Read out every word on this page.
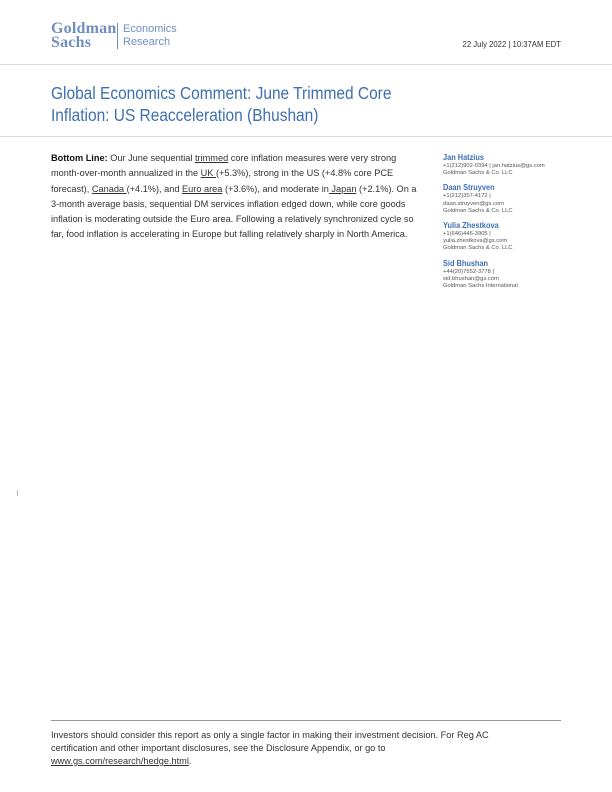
Goldman
Sachs
Economics
Research	22 July 2022 | 10:37AM EDT
Global Economics Comment: June Trimmed Core Inflation: US Reacceleration (Bhushan)
Bottom Line: Our June sequential trimmed core inflation measures were very strong month-over-month annualized in the UK (+5.3%), strong in the US (+4.8% core PCE forecast), Canada (+4.1%), and Euro area (+3.6%), and moderate in Japan (+2.1%). On a 3-month average basis, sequential DM services inflation edged down, while core goods inflation is moderating outside the Euro area. Following a relatively synchronized cycle so far, food inflation is accelerating in Europe but falling relatively sharply in North America.
Jan Hatzius
+1(212)902-0394 | jan.hatzius@gs.com
Goldman Sachs & Co. LLC
Daan Struyven
+1(212)357-4172 |
daan.struyven@gs.com
Goldman Sachs & Co. LLC
Yulia Zhestkova
+1(646)446-3905 |
yulia.zhestkova@gs.com
Goldman Sachs & Co. LLC
Sid Bhushan
+44(20)7552-3778 |
sid.bhushan@gs.com
Goldman Sachs International
Investors should consider this report as only a single factor in making their investment decision. For Reg AC certification and other important disclosures, see the Disclosure Appendix, or go to www.gs.com/research/hedge.html.
